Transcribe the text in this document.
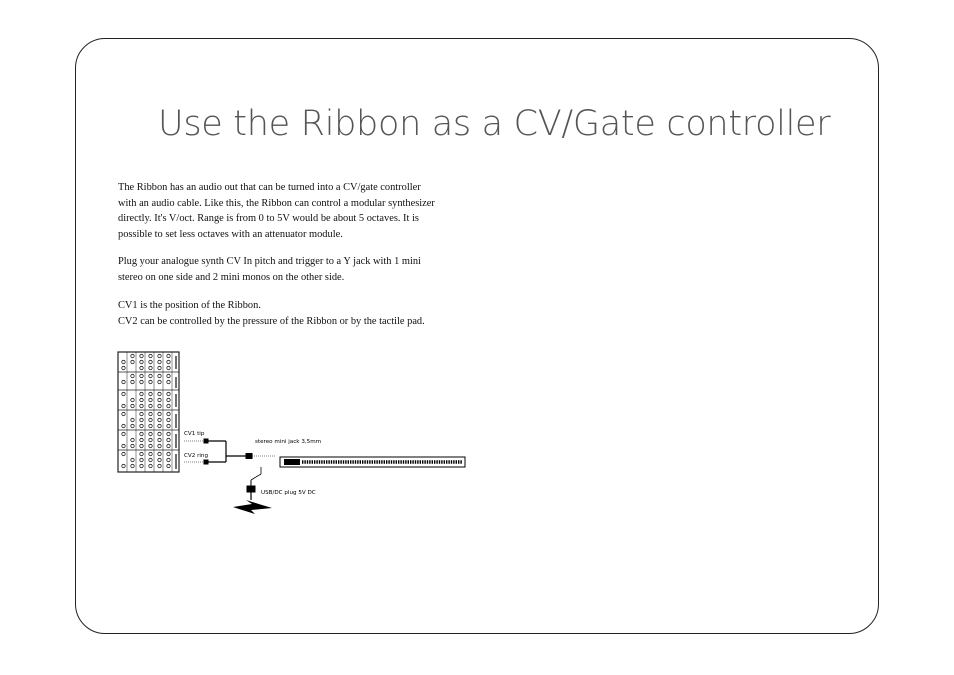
Use the Ribbon as a CV/Gate controller
The Ribbon has an audio out that can be turned into a CV/gate controller
with an audio cable. Like this, the Ribbon can control a modular synthesizer
directly. It's V/oct. Range is from 0 to 5V would be about 5 octaves. It is
possible to set less octaves with an attenuator module.
Plug your analogue synth CV In pitch and trigger to a Y jack with 1 mini
stereo on one side and 2 mini monos on the other side.
CV1 is the position of the Ribbon.
CV2 can be controlled by the pressure of the Ribbon or by the tactile pad.
CV1 tip
CV2 ring
stereo mini jack 3,5mm
USB/DC plug 5V DC
